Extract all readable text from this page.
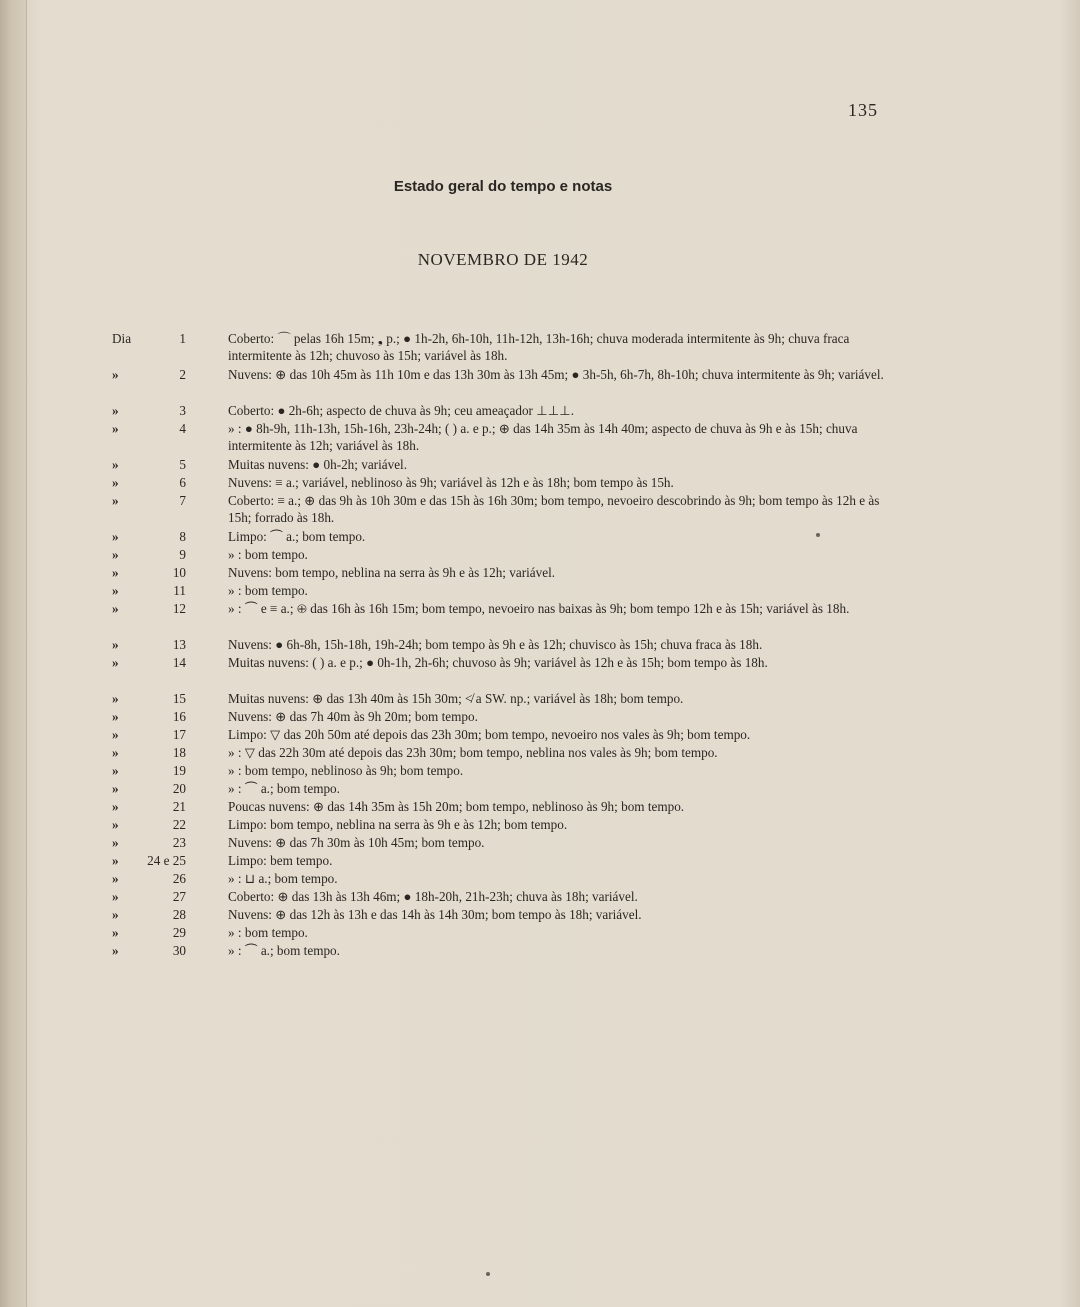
135
Estado geral do tempo e notas
NOVEMBRO DE 1942
Dia	1	Coberto: ⌒ pelas 16h 15m; ❟ p.; ● 1h-2h, 6h-10h, 11h-12h, 13h-16h; chuva moderada intermitente às 9h; chuva fraca intermitente às 12h; chuvoso às 15h; variável às 18h.
»	2	Nuvens: ⊕ das 10h 45m às 11h 10m e das 13h 30m às 13h 45m; ● 3h-5h, 6h-7h, 8h-10h; chuva intermitente às 9h; variável.
»	3	Coberto: ● 2h-6h; aspecto de chuva às 9h; ceu ameaçador ⊥⊥⊥.
»	4	» : ● 8h-9h, 11h-13h, 15h-16h, 23h-24h; ( ) a. e p.; ⊕ das 14h 35m às 14h 40m; aspecto de chuva às 9h e às 15h; chuva intermitente às 12h; variável às 18h.
»	5	Muitas nuvens: ● 0h-2h; variável.
»	6	Nuvens: ≡ a.; variável, neblinoso às 9h; variável às 12h e às 18h; bom tempo às 15h.
»	7	Coberto: ≡ a.; ⊕ das 9h às 10h 30m e das 15h às 16h 30m; bom tempo, nevoeiro descobrindo às 9h; bom tempo às 12h e às 15h; forrado às 18h.
»	8	Limpo: ⏜ a.; bom tempo.
»	9	» : bom tempo.
»	10	Nuvens: bom tempo, neblina na serra às 9h e às 12h; variável.
»	11	» : bom tempo.
»	12	» : ⏜ e ≡ a.; ⊕ das 16h às 16h 15m; bom tempo, nevoeiro nas baixas às 9h; bom tempo 12h e às 15h; variável às 18h.
»	13	Nuvens: ● 6h-8h, 15h-18h, 19h-24h; bom tempo às 9h e às 12h; chuvisco às 15h; chuva fraca às 18h.
»	14	Muitas nuvens: ( ) a. e p.; ● 0h-1h, 2h-6h; chuvoso às 9h; variável às 12h e às 15h; bom tempo às 18h.
»	15	Muitas nuvens: ⊕ das 13h 40m às 15h 30m; ≮ a SW. np.; variável às 18h; bom tempo.
»	16	Nuvens: ⊕ das 7h 40m às 9h 20m; bom tempo.
»	17	Limpo: ▽ das 20h 50m até depois das 23h 30m; bom tempo, nevoeiro nos vales às 9h; bom tempo.
»	18	» : ▽ das 22h 30m até depois das 23h 30m; bom tempo, neblina nos vales às 9h; bom tempo.
»	19	» : bom tempo, neblinoso às 9h; bom tempo.
»	20	» : ⏜ a.; bom tempo.
»	21	Poucas nuvens: ⊕ das 14h 35m às 15h 20m; bom tempo, neblinoso às 9h; bom tempo.
»	22	Limpo: bom tempo, neblina na serra às 9h e às 12h; bom tempo.
»	23	Nuvens: ⊕ das 7h 30m às 10h 45m; bom tempo.
»	24 e 25	Limpo: bem tempo.
»	26	» : ⊔ a.; bom tempo.
»	27	Coberto: ⊕ das 13h às 13h 46m; ● 18h-20h, 21h-23h; chuva às 18h; variável.
»	28	Nuvens: ⊕ das 12h às 13h e das 14h às 14h 30m; bom tempo às 18h; variável.
»	29	» : bom tempo.
»	30	» : ⏜ a.; bom tempo.
